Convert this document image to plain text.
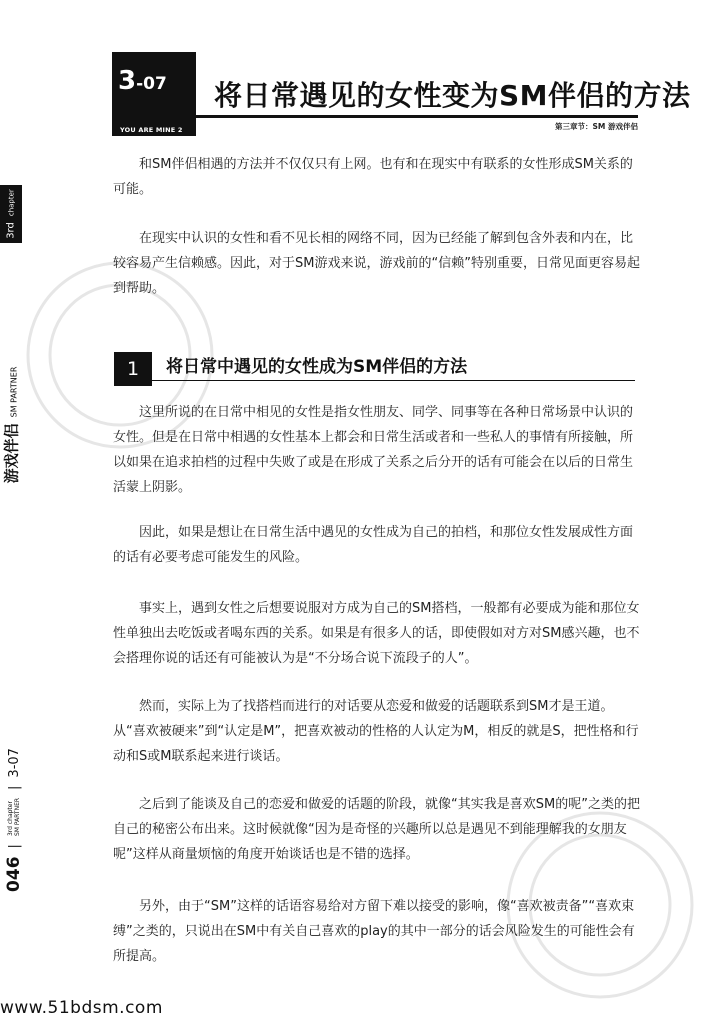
3-07
YOU ARE MINE 2
将日常遇见的女性变为SM伴侣的方法
第三章节：SM 游戏伴侣
3rd
chapter
游戏伴侣
SM PARTNER
046
|
3rd chapter SM PARTNER
|
3-07

和SM伴侣相遇的方法并不仅仅只有上网。也有和在现实中有联系的女性形成SM关系的可能。

在现实中认识的女性和看不见长相的网络不同，因为已经能了解到包含外表和内在，比较容易产生信赖感。因此，对于SM游戏来说，游戏前的“信赖”特别重要，日常见面更容易起到帮助。

1	将日常中遇见的女性成为SM伴侣的方法

这里所说的在日常中相见的女性是指女性朋友、同学、同事等在各种日常场景中认识的女性。但是在日常中相遇的女性基本上都会和日常生活或者和一些私人的事情有所接触，所以如果在追求拍档的过程中失败了或是在形成了关系之后分开的话有可能会在以后的日常生活蒙上阴影。

因此，如果是想让在日常生活中遇见的女性成为自己的拍档，和那位女性发展成性方面的话有必要考虑可能发生的风险。

事实上，遇到女性之后想要说服对方成为自己的SM搭档，一般都有必要成为能和那位女性单独出去吃饭或者喝东西的关系。如果是有很多人的话，即使假如对方对SM感兴趣，也不会搭理你说的话还有可能被认为是“不分场合说下流段子的人”。

然而，实际上为了找搭档而进行的对话要从恋爱和做爱的话题联系到SM才是王道。从“喜欢被硬来”到“认定是M”，把喜欢被动的性格的人认定为M，相反的就是S，把性格和行动和S或M联系起来进行谈话。

之后到了能谈及自己的恋爱和做爱的话题的阶段，就像“其实我是喜欢SM的呢”之类的把自己的秘密公布出来。这时候就像“因为是奇怪的兴趣所以总是遇见不到能理解我的女朋友呢”这样从商量烦恼的角度开始谈话也是不错的选择。

另外，由于“SM”这样的话语容易给对方留下难以接受的影响，像“喜欢被责备”“喜欢束缚”之类的，只说出在SM中有关自己喜欢的play的其中一部分的话会风险发生的可能性会有所提高。

www.51bdsm.com
